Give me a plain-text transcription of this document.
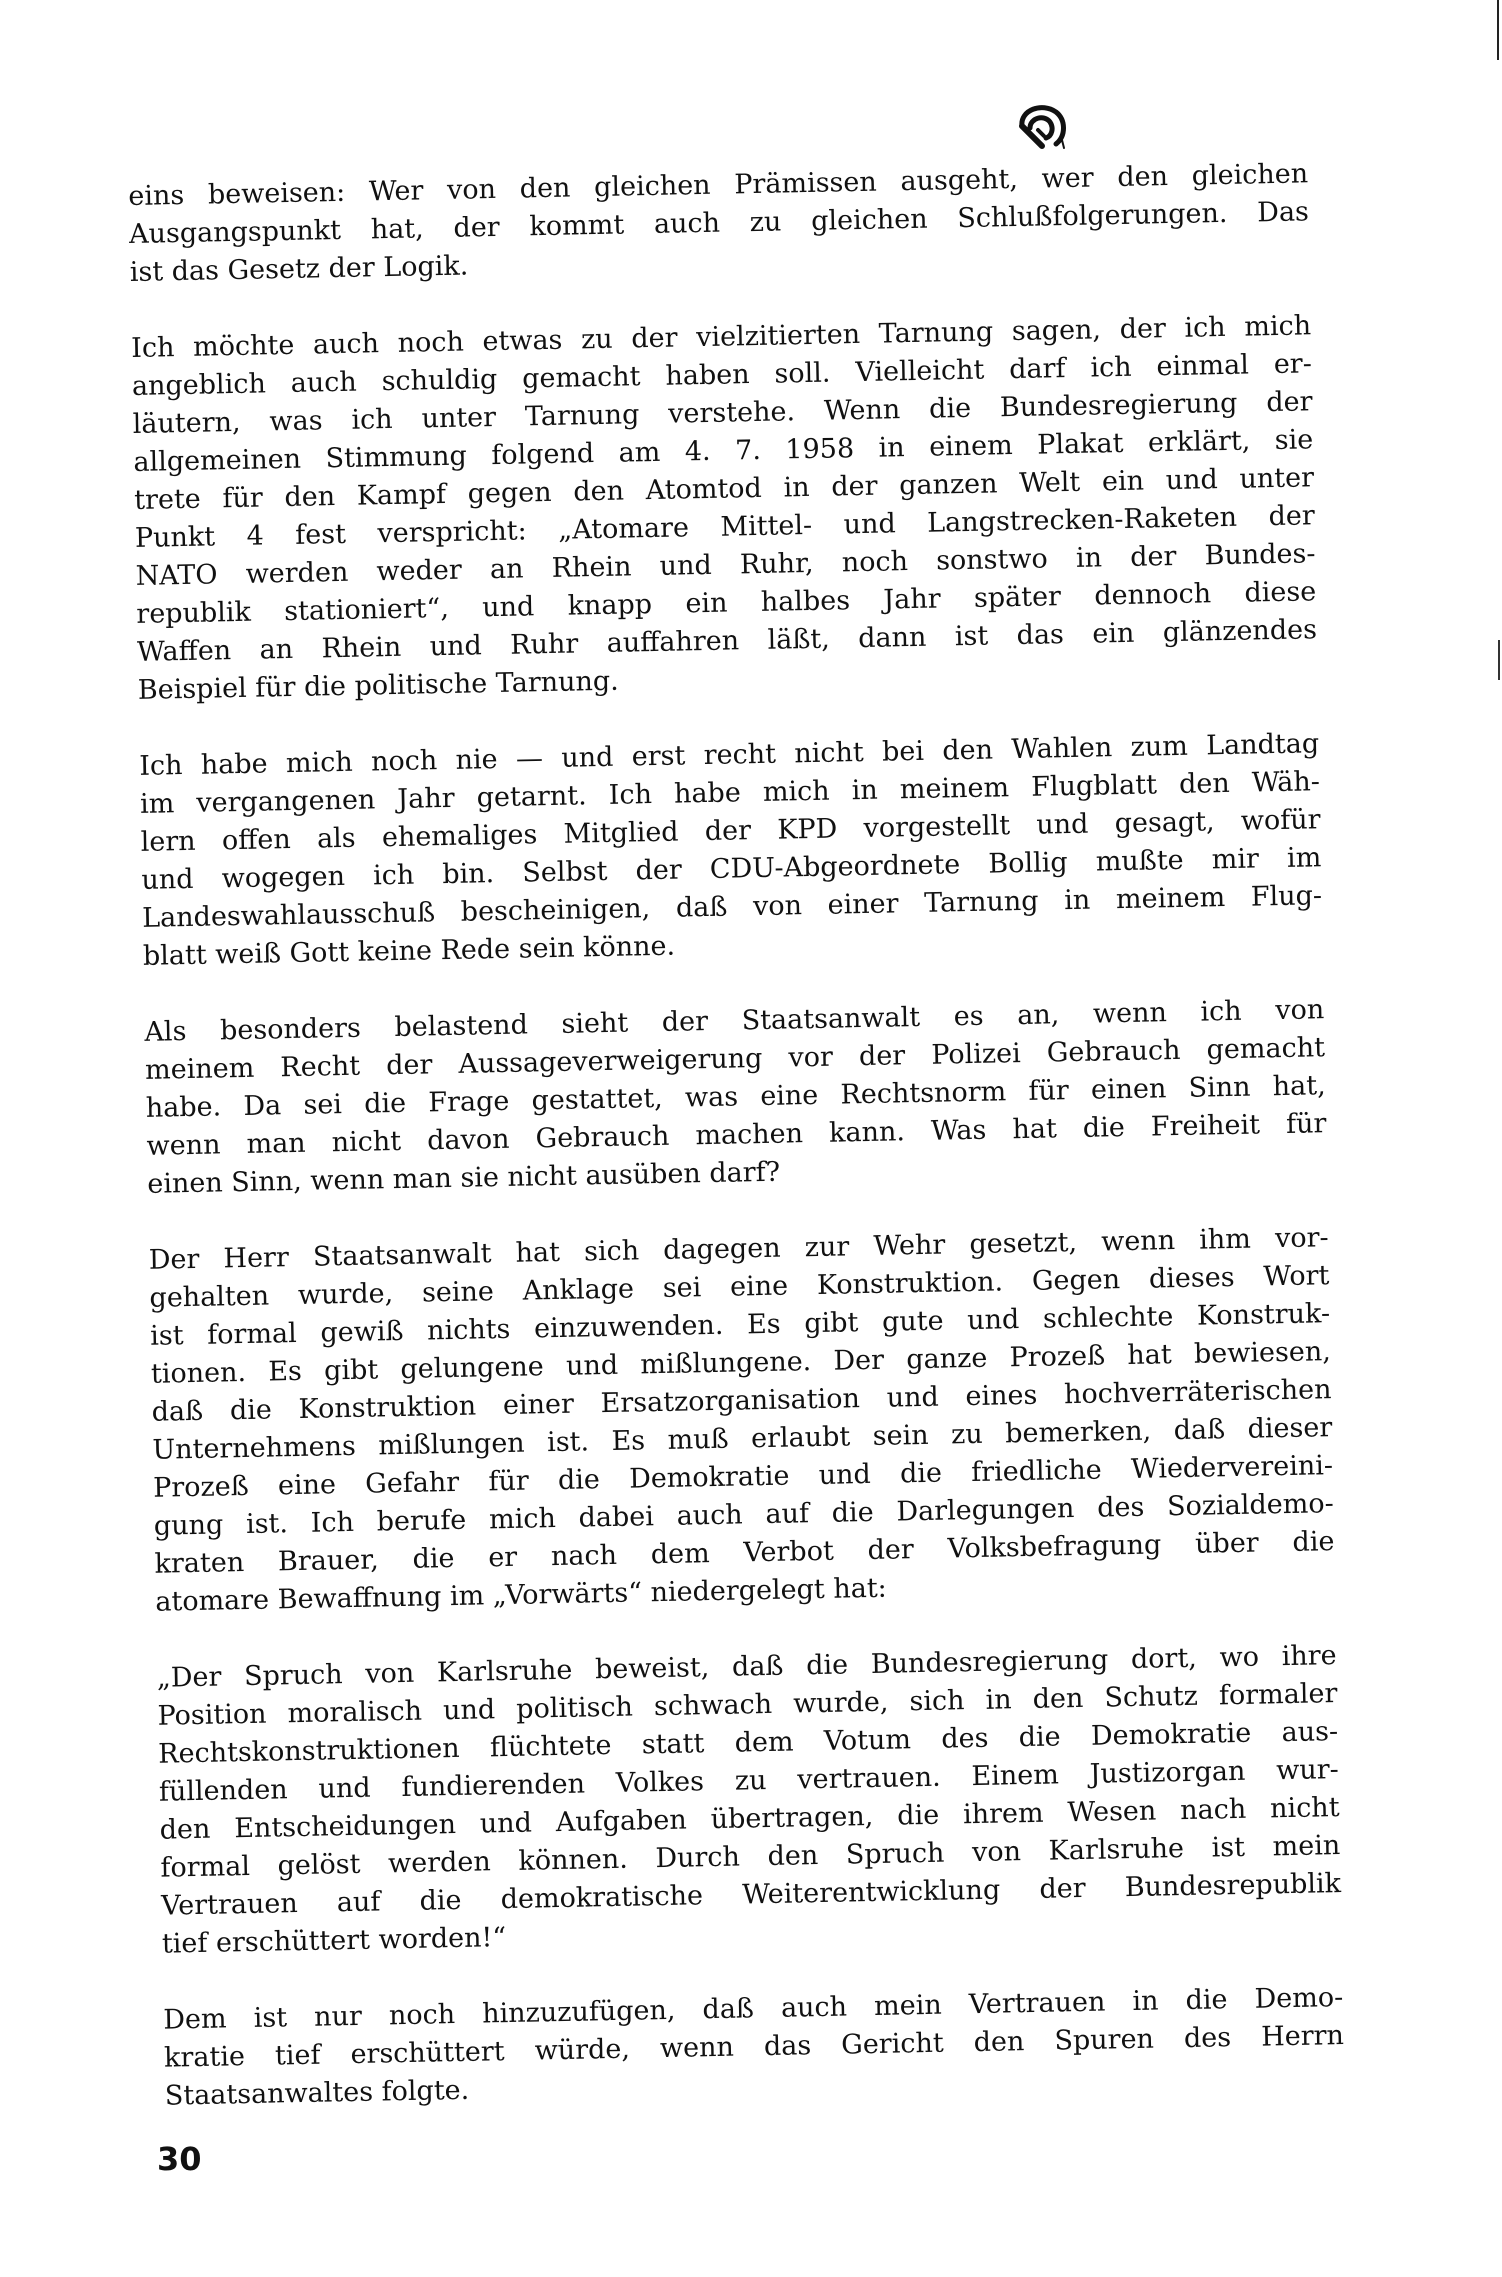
eins beweisen: Wer von den gleichen Prämissen ausgeht, wer den gleichen
Ausgangspunkt hat, der kommt auch zu gleichen Schlußfolgerungen. Das
ist das Gesetz der Logik.

Ich möchte auch noch etwas zu der vielzitierten Tarnung sagen, der ich mich
angeblich auch schuldig gemacht haben soll. Vielleicht darf ich einmal er-
läutern, was ich unter Tarnung verstehe. Wenn die Bundesregierung der
allgemeinen Stimmung folgend am 4. 7. 1958 in einem Plakat erklärt, sie
trete für den Kampf gegen den Atomtod in der ganzen Welt ein und unter
Punkt 4 fest verspricht: „Atomare Mittel- und Langstrecken-Raketen der
NATO werden weder an Rhein und Ruhr, noch sonstwo in der Bundes-
republik stationiert“, und knapp ein halbes Jahr später dennoch diese
Waffen an Rhein und Ruhr auffahren läßt, dann ist das ein glänzendes
Beispiel für die politische Tarnung.

Ich habe mich noch nie — und erst recht nicht bei den Wahlen zum Landtag
im vergangenen Jahr getarnt. Ich habe mich in meinem Flugblatt den Wäh-
lern offen als ehemaliges Mitglied der KPD vorgestellt und gesagt, wofür
und wogegen ich bin. Selbst der CDU-Abgeordnete Bollig mußte mir im
Landeswahlausschuß bescheinigen, daß von einer Tarnung in meinem Flug-
blatt weiß Gott keine Rede sein könne.

Als besonders belastend sieht der Staatsanwalt es an, wenn ich von
meinem Recht der Aussageverweigerung vor der Polizei Gebrauch gemacht
habe. Da sei die Frage gestattet, was eine Rechtsnorm für einen Sinn hat,
wenn man nicht davon Gebrauch machen kann. Was hat die Freiheit für
einen Sinn, wenn man sie nicht ausüben darf?

Der Herr Staatsanwalt hat sich dagegen zur Wehr gesetzt, wenn ihm vor-
gehalten wurde, seine Anklage sei eine Konstruktion. Gegen dieses Wort
ist formal gewiß nichts einzuwenden. Es gibt gute und schlechte Konstruk-
tionen. Es gibt gelungene und mißlungene. Der ganze Prozeß hat bewiesen,
daß die Konstruktion einer Ersatzorganisation und eines hochverräterischen
Unternehmens mißlungen ist. Es muß erlaubt sein zu bemerken, daß dieser
Prozeß eine Gefahr für die Demokratie und die friedliche Wiedervereini-
gung ist. Ich berufe mich dabei auch auf die Darlegungen des Sozialdemo-
kraten Brauer, die er nach dem Verbot der Volksbefragung über die
atomare Bewaffnung im „Vorwärts“ niedergelegt hat:

„Der Spruch von Karlsruhe beweist, daß die Bundesregierung dort, wo ihre
Position moralisch und politisch schwach wurde, sich in den Schutz formaler
Rechtskonstruktionen flüchtete statt dem Votum des die Demokratie aus-
füllenden und fundierenden Volkes zu vertrauen. Einem Justizorgan wur-
den Entscheidungen und Aufgaben übertragen, die ihrem Wesen nach nicht
formal gelöst werden können. Durch den Spruch von Karlsruhe ist mein
Vertrauen auf die demokratische Weiterentwicklung der Bundesrepublik
tief erschüttert worden!“

Dem ist nur noch hinzuzufügen, daß auch mein Vertrauen in die Demo-
kratie tief erschüttert würde, wenn das Gericht den Spuren des Herrn
Staatsanwaltes folgte.

30
